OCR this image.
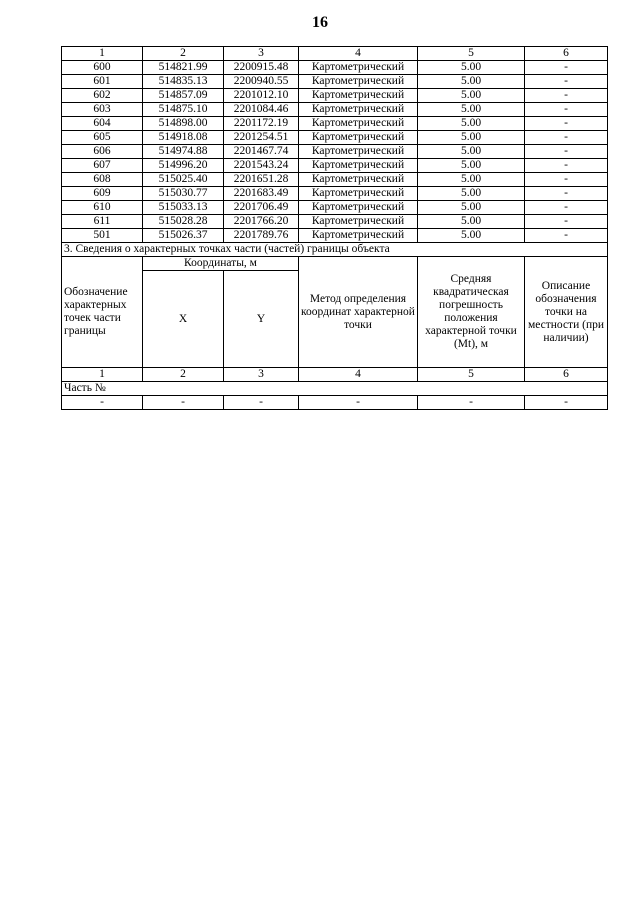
16
1	2	3	4	5	6
600	514821.99	2200915.48	Картометрический	5.00	-
601	514835.13	2200940.55	Картометрический	5.00	-
602	514857.09	2201012.10	Картометрический	5.00	-
603	514875.10	2201084.46	Картометрический	5.00	-
604	514898.00	2201172.19	Картометрический	5.00	-
605	514918.08	2201254.51	Картометрический	5.00	-
606	514974.88	2201467.74	Картометрический	5.00	-
607	514996.20	2201543.24	Картометрический	5.00	-
608	515025.40	2201651.28	Картометрический	5.00	-
609	515030.77	2201683.49	Картометрический	5.00	-
610	515033.13	2201706.49	Картометрический	5.00	-
611	515028.28	2201766.20	Картометрический	5.00	-
501	515026.37	2201789.76	Картометрический	5.00	-
3. Сведения о характерных точках части (частей) границы объекта					
Обозначение характерных точек части границы	Координаты, м		Метод определения координат характерной точки	Средняя квадратическая погрешность положения характерной точки (Mt), м	Описание обозначения точки на местности (при наличии)
	X	Y			
1	2	3	4	5	6
Часть №					
-	-	-	-	-	-
